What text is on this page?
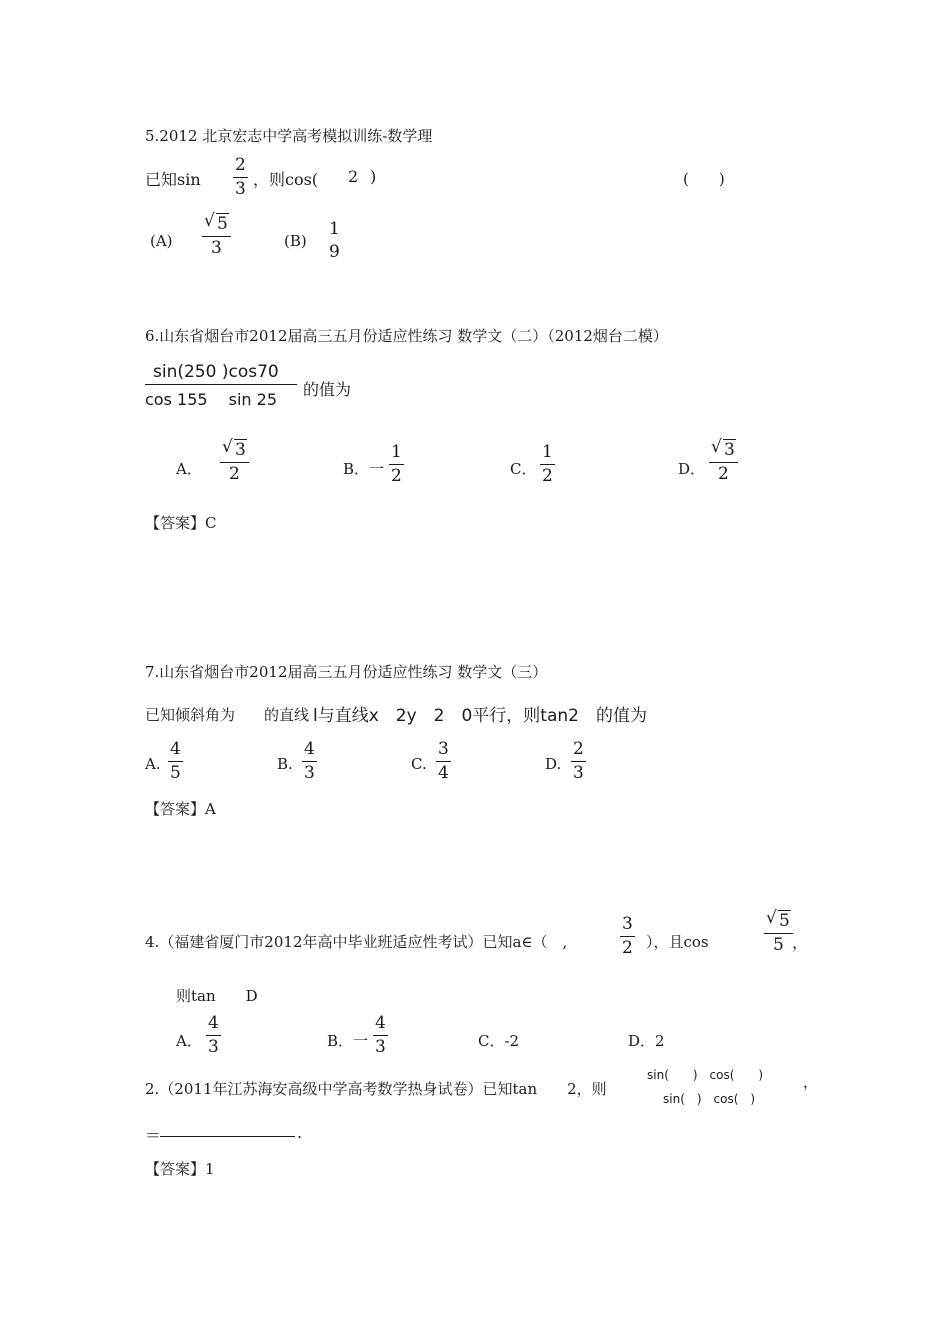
5.2012 北京宏志中学高考模拟训练-数学理
已知sin
2
3 ，则cos( 2 )	(　　)
(A)
√ 5
3	(B)
1
9
6.山东省烟台市2012届高三五月份适应性练习 数学文（二）（2012烟台二模）
sin(250 )cos70
cos 155　 sin 25
的值为
A．
√ 3
2	B．一
1
2	C．
1
2	D．
√ 3
2
【答案】C
7.山东省烟台市2012届高三五月份适应性练习 数学文（三）
已知倾斜角为 的直线 l与直线x　2y　2　0平行，则tan2　的值为
A.
4
5	B.
4
3	C.
3
4	D.
2
3
【答案】A
4.（福建省厦门市2012年高中毕业班适应性考试）已知a∈（　,
3
2 ），且cos
√ 5
5 ，
则tan　　D
A．
4
3	B．一
4
3	C．-2	D．2
2.（2011年江苏海安高级中学高考数学热身试卷）已知tan　　2，则
sin(　　)　cos(　　)
sin(　)　cos(　)
，
＝	.
【答案】1
